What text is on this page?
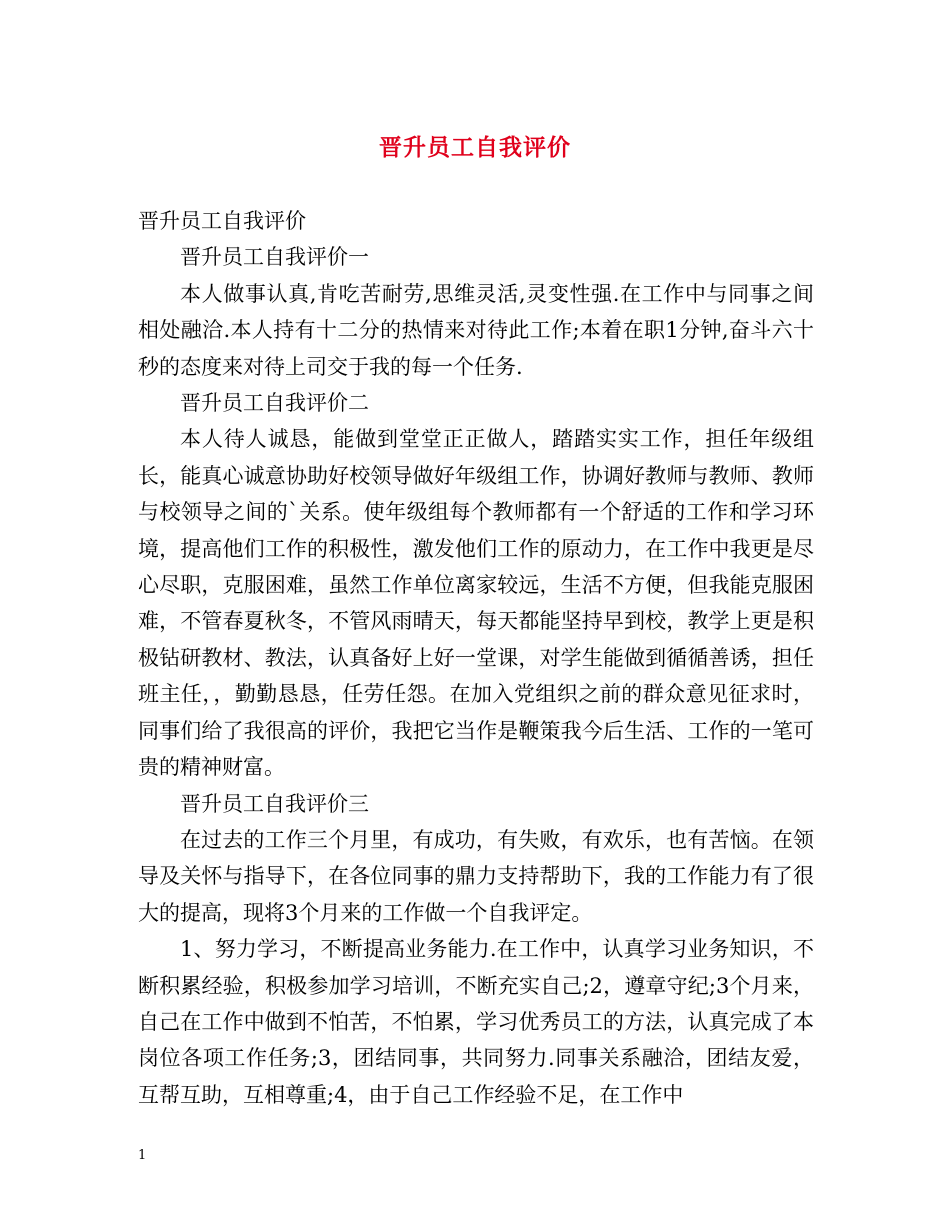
晋升员工自我评价

晋升员工自我评价

晋升员工自我评价一

本人做事认真,肯吃苦耐劳,思维灵活,灵变性强.在工作中与同事之间相处融洽.本人持有十二分的热情来对待此工作;本着在职1分钟,奋斗六十秒的态度来对待上司交于我的每一个任务.

晋升员工自我评价二

本人待人诚恳，能做到堂堂正正做人，踏踏实实工作，担任年级组长，能真心诚意协助好校领导做好年级组工作，协调好教师与教师、教师与校领导之间的`关系。使年级组每个教师都有一个舒适的工作和学习环境，提高他们工作的积极性，激发他们工作的原动力，在工作中我更是尽心尽职，克服困难，虽然工作单位离家较远，生活不方便，但我能克服困难，不管春夏秋冬，不管风雨晴天，每天都能坚持早到校，教学上更是积极钻研教材、教法，认真备好上好一堂课，对学生能做到循循善诱，担任班主任，，勤勤恳恳，任劳任怨。在加入党组织之前的群众意见征求时，同事们给了我很高的评价，我把它当作是鞭策我今后生活、工作的一笔可贵的精神财富。

晋升员工自我评价三

在过去的工作三个月里，有成功，有失败，有欢乐，也有苦恼。在领导及关怀与指导下，在各位同事的鼎力支持帮助下，我的工作能力有了很大的提高，现将3个月来的工作做一个自我评定。

1、努力学习，不断提高业务能力.在工作中，认真学习业务知识，不断积累经验，积极参加学习培训，不断充实自己;2，遵章守纪;3个月来，自己在工作中做到不怕苦，不怕累，学习优秀员工的方法，认真完成了本岗位各项工作任务;3，团结同事，共同努力.同事关系融洽，团结友爱，互帮互助，互相尊重;4，由于自己工作经验不足，在工作中

1
